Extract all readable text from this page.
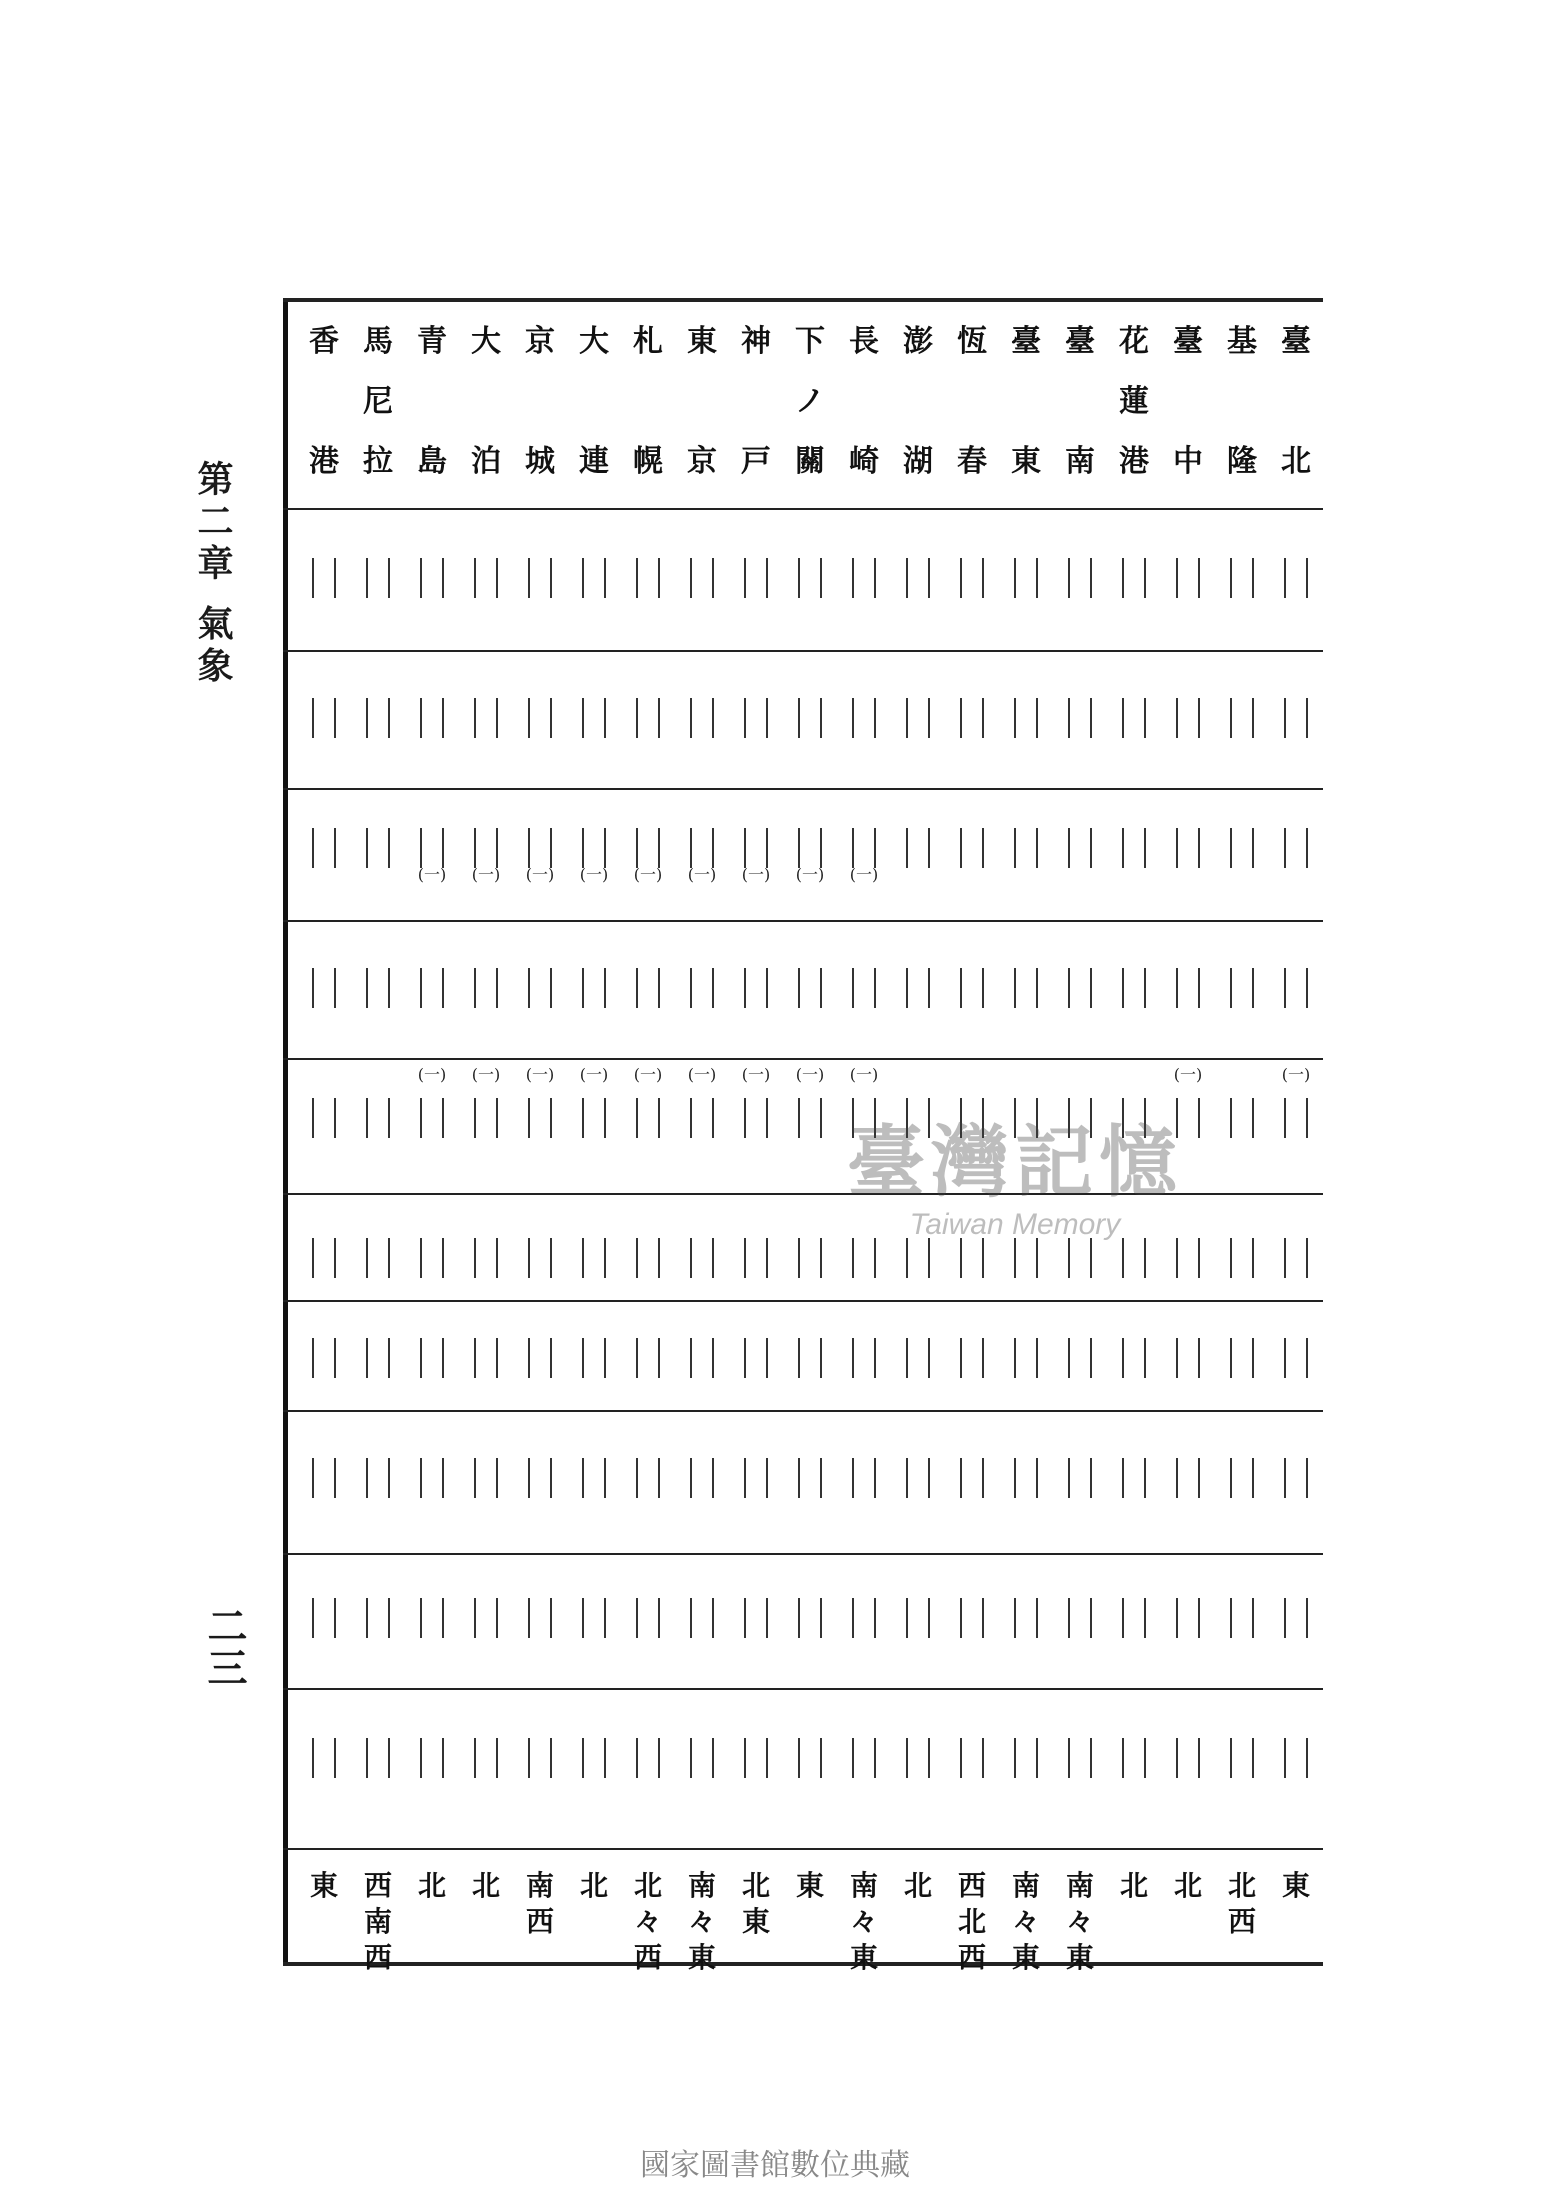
第二章 氣象
二三
香
港
東
馬
尼
拉
西
南
西
青
島
北
(一)
(一)
大
泊
北
(一)
(一)
京
城
南
西
(一)
(一)
大
連
北
(一)
(一)
札
幌
北
々
西
(一)
(一)
東
京
南
々
東
(一)
(一)
神
戸
北
東
(一)
(一)
下
ノ
關
東
(一)
(一)
長
崎
南
々
東
(一)
(一)
澎
湖
北
恆
春
西
北
西
臺
東
南
々
東
臺
南
南
々
東
花
蓮
港
北
臺
中
北
(一)
基
隆
北
西
臺
北
東
(一)
臺灣記憶
Taiwan Memory
國家圖書館數位典藏
